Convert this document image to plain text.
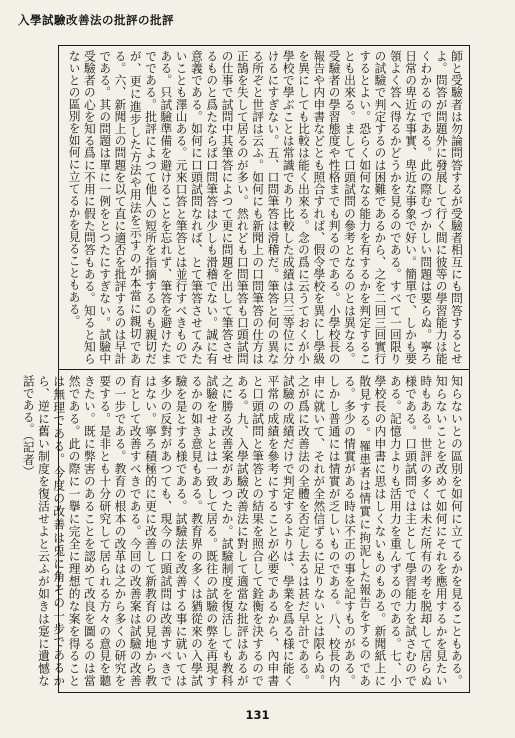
入學試驗改善法の批評の批評
師と受驗者は勿論問答するが受驗者相互にも問答するとせよ。問答が問題外に發展して行く間に彼等の學習能力は能くわかるのである。此の際むづかしい問題は要らぬ。寧ろ日常の卑近な事實、卑近な事象で好い。簡單で、しかも要領よく答へ得るかどうかを見るのである。すべて一回限りの試驗で判定するのは困難であるから、之を二回三回實行するとよい。恐らく如何なる能力を有するかを判定することも出來る。まして口頭試問の參考となるのとは異なる。受驗者の學習態度や性格までも判るのである。小學校長の報告や内申書などとも照合すれば、假令學校を異にし學級を異にしても比較は能く出來る。念の爲に云うておくが小學校で學ぶことは常識であり比較した成績は只三等位に分けるにすぎない。五、口問筆答は滑稽だ。筆答と何の異なる所ぞと世評は云ふ。如何にも新聞上の口問筆答の仕方は正鵠を失して居るのが多い。然れども口問筆答も口頭試問の仕事で試問中其筆答によつて更に問題を出して筆答させるものと爲たならば口問筆答は少しも滑稽でない。誠に有意義である。如何に口頭試問なれば、とて筆答させてみたいことも澤山ある。元來口答と筆答とは並行すべきものである。只試驗準備を避けることを忘れず、筆答を避けたまでである。批評によつて他人の短所を指摘するのも親切だが、更に進步した方法や用法を示すのが本當に親切である。六、新聞上の問題を以て直に適否を批評するのは早計である。其の問題は單に一例をとつたにすぎない。試驗中受驗者の心を知る爲に不用に假た問答もある。知ると知らないとの區別を如何に立てるかを見ることもある。
知らないとの區別を如何に立てるかを見ることもある。知らないことを改めて如何にそれを應用するかを見たい時もある。世評の多くは未だ所有の考を脱却して居らぬ様である。口頭試問では主として學習能力を試さむのである。記憶力よりも活用力を重んずるのである。七、小學校長の内申書に思はしくないものもある。新聞紙上に散見する。罹患者は情實に拘泥した報告をするのである。多少の情實がある時は不正の事を記すものがある。しかし普通には情實が乏しいものである。八、校長の内申に就いて、それが全然信ずるに足りないとは限らぬ。之が爲に改善法の全體を否定し去るは甚だ早計である。試驗の成績だけで判定するよりは、學業を爲る様に能く平常の成績を參考にすることが必要であるから、內申書と口頭試問と筆答との結果を照合して銓衡を決するのである。九、入學試驗改善法に對して適當な批評はあるが之に勝る改善案があつたか。試驗制度を復活しても教科試驗をせよとは一致して居る。既往の試驗の弊を再現するかの如き意見もある。教育界の多くは猶從來の入學試驗を是とする様である。試驗法を改善する事に就いては多少の反對があつても、現今の口頭試問は改善すべきではない。寧ろ積極的に更に改善して新教育の見地から教育として改善すべきである。今回の改善案は試驗の改善の一步である。教育の根本の改革は之から多くの研究を要する。是非とも十分研究して居られる方々の意見を聽きたい。既に弊害のあることを認めて改良を圖るのは當然である。此の際に一擧に完全に理想的な案を得ることは無理である。今度の改善は兎に角その一步であるから、逆に舊い制度を復活せよと云ふが如きは寔に遺憾な話である。（記者）
131
